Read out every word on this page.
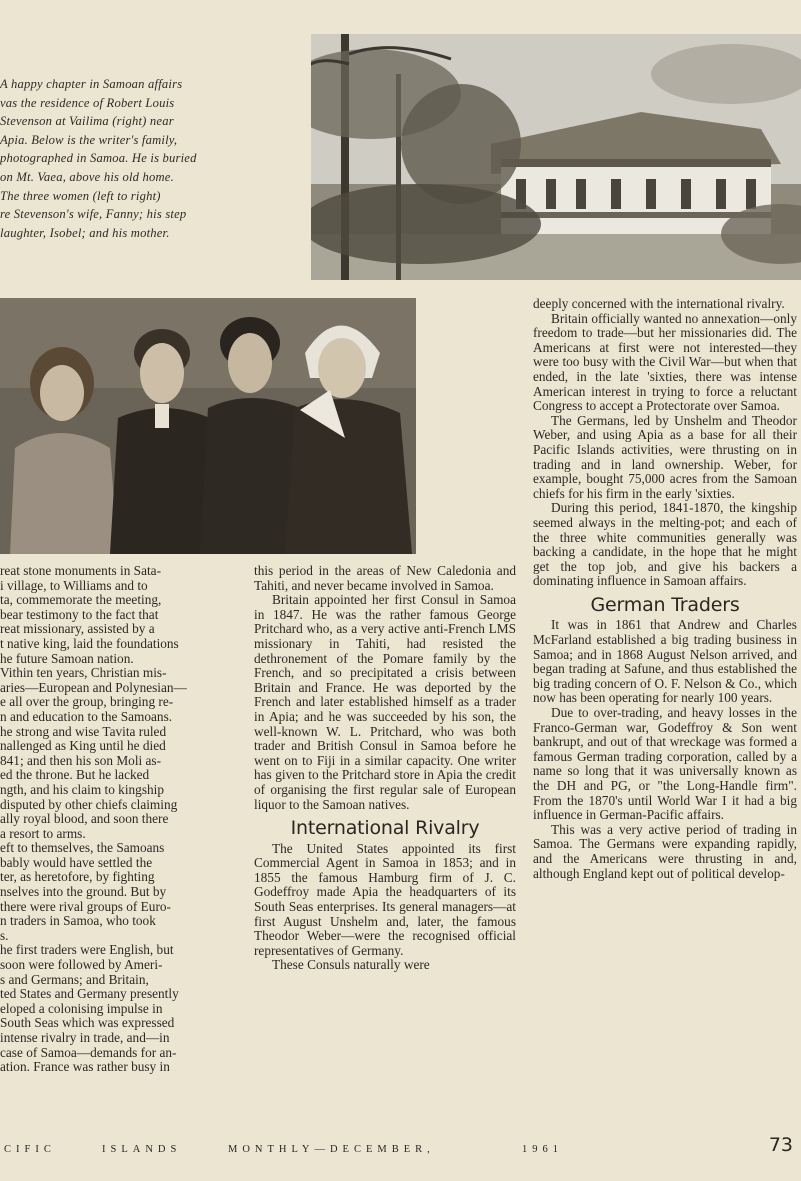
A happy chapter in Samoan affairs

vas the residence of Robert Louis

Stevenson at Vailima (right) near

Apia. Below is the writer's family,

photographed in Samoa. He is buried

on Mt. Vaea, above his old home.

The three women (left to right)

re Stevenson's wife, Fanny; his step

laughter, Isobel; and his mother.

reat stone monuments in Sata-

i village, to Williams and to

ta, commemorate the meeting,

bear testimony to the fact that

reat missionary, assisted by a

t native king, laid the foundations

he future Samoan nation.

Vithin ten years, Christian mis-

aries—European and Polynesian—

e all over the group, bringing re-

n and education to the Samoans.

he strong and wise Tavita ruled

nallenged as King until he died

841; and then his son Moli as-

ed the throne. But he lacked

ngth, and his claim to kingship

disputed by other chiefs claiming

ally royal blood, and soon there

a resort to arms.

eft to themselves, the Samoans

bably would have settled the

ter, as heretofore, by fighting

nselves into the ground. But by

there were rival groups of Euro-

n traders in Samoa, who took

s.

he first traders were English, but

soon were followed by Ameri-

s and Germans; and Britain,

ted States and Germany presently

eloped a colonising impulse in

South Seas which was expressed

intense rivalry in trade, and—in

case of Samoa—demands for an-

ation. France was rather busy in

this period in the areas of New Caledonia and Tahiti, and never became involved in Samoa.

Britain appointed her first Consul in Samoa in 1847. He was the rather famous George Pritchard who, as a very active anti-French LMS missionary in Tahiti, had resisted the dethronement of the Pomare family by the French, and so precipitated a crisis between Britain and France. He was deported by the French and later established himself as a trader in Apia; and he was succeeded by his son, the well-known W. L. Pritchard, who was both trader and British Consul in Samoa before he went on to Fiji in a similar capacity. One writer has given to the Pritchard store in Apia the credit of organising the first regular sale of European liquor to the Samoan natives.

International Rivalry

The United States appointed its first Commercial Agent in Samoa in 1853; and in 1855 the famous Hamburg firm of J. C. Godeffroy made Apia the headquarters of its South Seas enterprises. Its general managers—at first August Unshelm and, later, the famous Theodor Weber—were the recognised official representatives of Germany.

These Consuls naturally were

deeply concerned with the international rivalry.

Britain officially wanted no annexation—only freedom to trade—but her missionaries did. The Americans at first were not interested—they were too busy with the Civil War—but when that ended, in the late 'sixties, there was intense American interest in trying to force a reluctant Congress to accept a Protectorate over Samoa.

The Germans, led by Unshelm and Theodor Weber, and using Apia as a base for all their Pacific Islands activities, were thrusting on in trading and in land ownership. Weber, for example, bought 75,000 acres from the Samoan chiefs for his firm in the early 'sixties.

During this period, 1841-1870, the kingship seemed always in the melting-pot; and each of the three white communities generally was backing a candidate, in the hope that he might get the top job, and give his backers a dominating influence in Samoan affairs.

German Traders

It was in 1861 that Andrew and Charles McFarland established a big trading business in Samoa; and in 1868 August Nelson arrived, and began trading at Safune, and thus established the big trading concern of O. F. Nelson & Co., which now has been operating for nearly 100 years.

Due to over-trading, and heavy losses in the Franco-German war, Godeffroy & Son went bankrupt, and out of that wreckage was formed a famous German trading corporation, called by a name so long that it was universally known as the DH and PG, or "the Long-Handle firm". From the 1870's until World War I it had a big influence in German-Pacific affairs.

This was a very active period of trading in Samoa. The Germans were expanding rapidly, and the Americans were thrusting in and, although England kept out of political develop-

CIFIC	ISLANDS	MONTHLY—DECEMBER,	1961	73
